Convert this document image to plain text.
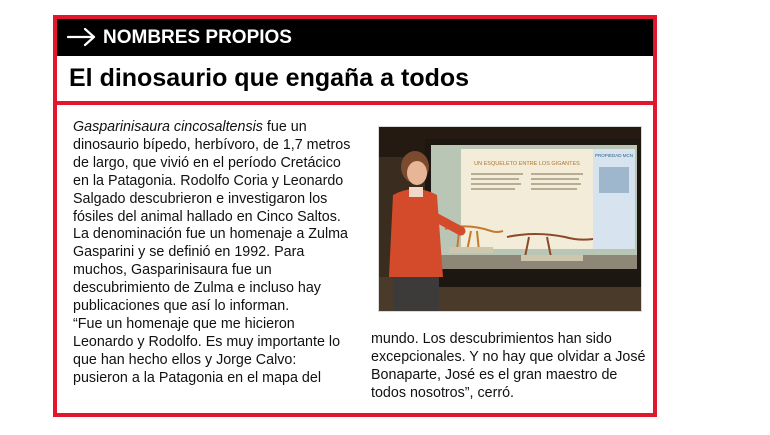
NOMBRES PROPIOS
El dinosaurio que engaña a todos
Gasparinisaura cincosaltensis fue un dinosaurio bípedo, herbívoro, de 1,7 metros de largo, que vivió en el período Cretácico en la Patagonia. Rodolfo Coria y Leonardo Salgado descubrieron e investigaron los fósiles del animal hallado en Cinco Saltos. La denominación fue un homenaje a Zulma Gasparini y se definió en 1992. Para muchos, Gasparinisaura fue un descubrimiento de Zulma e incluso hay publicaciones que así lo informan.
“Fue un homenaje que me hicieron Leonardo y Rodolfo. Es muy importante lo que han hecho ellos y Jorge Calvo: pusieron a la Patagonia en el mapa del
UN ESQUELETO ENTRE LOS GIGANTES
PROPIEDAD MCN
mundo. Los descubrimientos han sido excepcionales. Y no hay que olvidar a José Bonaparte, José es el gran maestro de todos nosotros”, cerró.
